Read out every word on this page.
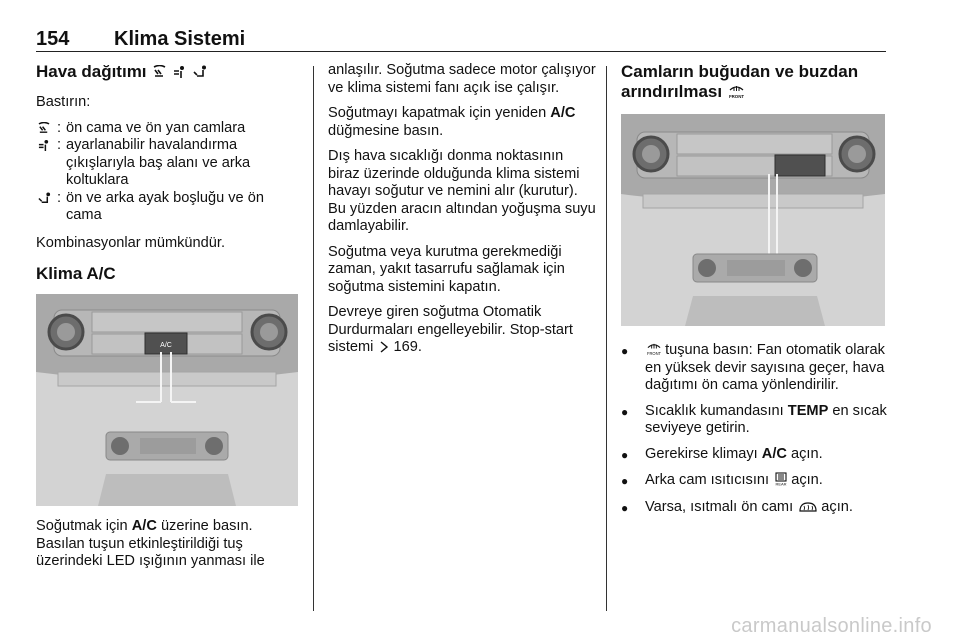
154 Klima Sistemi
Hava dağıtımı

Bastırın:

: ön cama ve ön yan camlara
: ayarlanabilir havalandırma çıkışlarıyla baş alanı ve arka koltuklara
: ön ve arka ayak boşluğu ve ön cama

Kombinasyonlar mümkündür.

Klima A/C
A/C

Soğutmak için A/C üzerine basın. Basılan tuşun etkinleştirildiği tuş üzerindeki LED ışığının yanması ile

anlaşılır. Soğutma sadece motor çalışıyor ve klima sistemi fanı açık ise çalışır.

Soğutmayı kapatmak için yeniden A/C düğmesine basın.

Dış hava sıcaklığı donma noktasının biraz üzerinde olduğunda klima sistemi havayı soğutur ve nemini alır (kurutur). Bu yüzden aracın altından yoğuşma suyu damlayabilir.

Soğutma veya kurutma gerekmediği zaman, yakıt tasarrufu sağlamak için soğutma sistemini kapatın.

Devreye giren soğutma Otomatik Durdurmaları engelleyebilir. Stop-start sistemi 169.

Camların buğudan ve buzdan arındırılması FRONT
●	FRONT tuşuna basın: Fan otomatik olarak en yüksek devir sayısına geçer, hava dağıtımı ön cama yönlendirilir.
●	Sıcaklık kumandasını TEMP en sıcak seviyeye getirin.
●	Gerekirse klimayı A/C açın.
●	Arka cam ısıtıcısını REAR açın.
●	Varsa, ısıtmalı ön camı açın.
carmanualsonline.info
